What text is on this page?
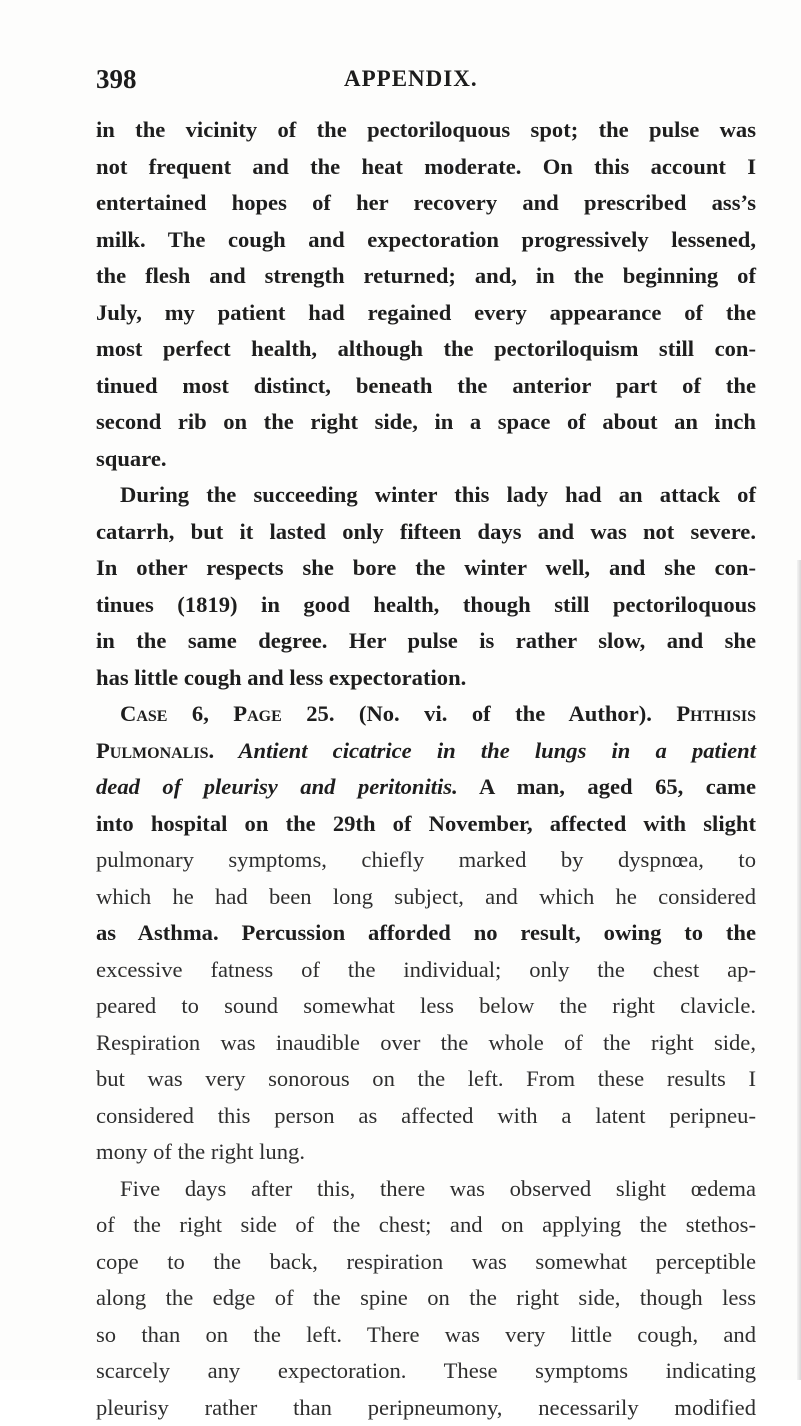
398	APPENDIX.
in the vicinity of the pectoriloquous spot; the pulse was
not frequent and the heat moderate. On this account I
entertained hopes of her recovery and prescribed ass’s
milk. The cough and expectoration progressively lessened,
the flesh and strength returned; and, in the beginning of
July, my patient had regained every appearance of the
most perfect health, although the pectoriloquism still con-
tinued most distinct, beneath the anterior part of the
second rib on the right side, in a space of about an inch
square.
During the succeeding winter this lady had an attack of
catarrh, but it lasted only fifteen days and was not severe.
In other respects she bore the winter well, and she con-
tinues (1819) in good health, though still pectoriloquous
in the same degree. Her pulse is rather slow, and she
has little cough and less expectoration.
Case 6, Page 25. (No. vi. of the Author). Phthisis
Pulmonalis. Antient cicatrice in the lungs in a patient
dead of pleurisy and peritonitis. A man, aged 65, came
into hospital on the 29th of November, affected with slight
pulmonary symptoms, chiefly marked by dyspnœa, to
which he had been long subject, and which he considered
as Asthma. Percussion afforded no result, owing to the
excessive fatness of the individual; only the chest ap-
peared to sound somewhat less below the right clavicle.
Respiration was inaudible over the whole of the right side,
but was very sonorous on the left. From these results I
considered this person as affected with a latent peripneu-
mony of the right lung.
Five days after this, there was observed slight œdema
of the right side of the chest; and on applying the stethos-
cope to the back, respiration was somewhat perceptible
along the edge of the spine on the right side, though less
so than on the left. There was very little cough, and
scarcely any expectoration. These symptoms indicating
pleurisy rather than peripneumony, necessarily modified
